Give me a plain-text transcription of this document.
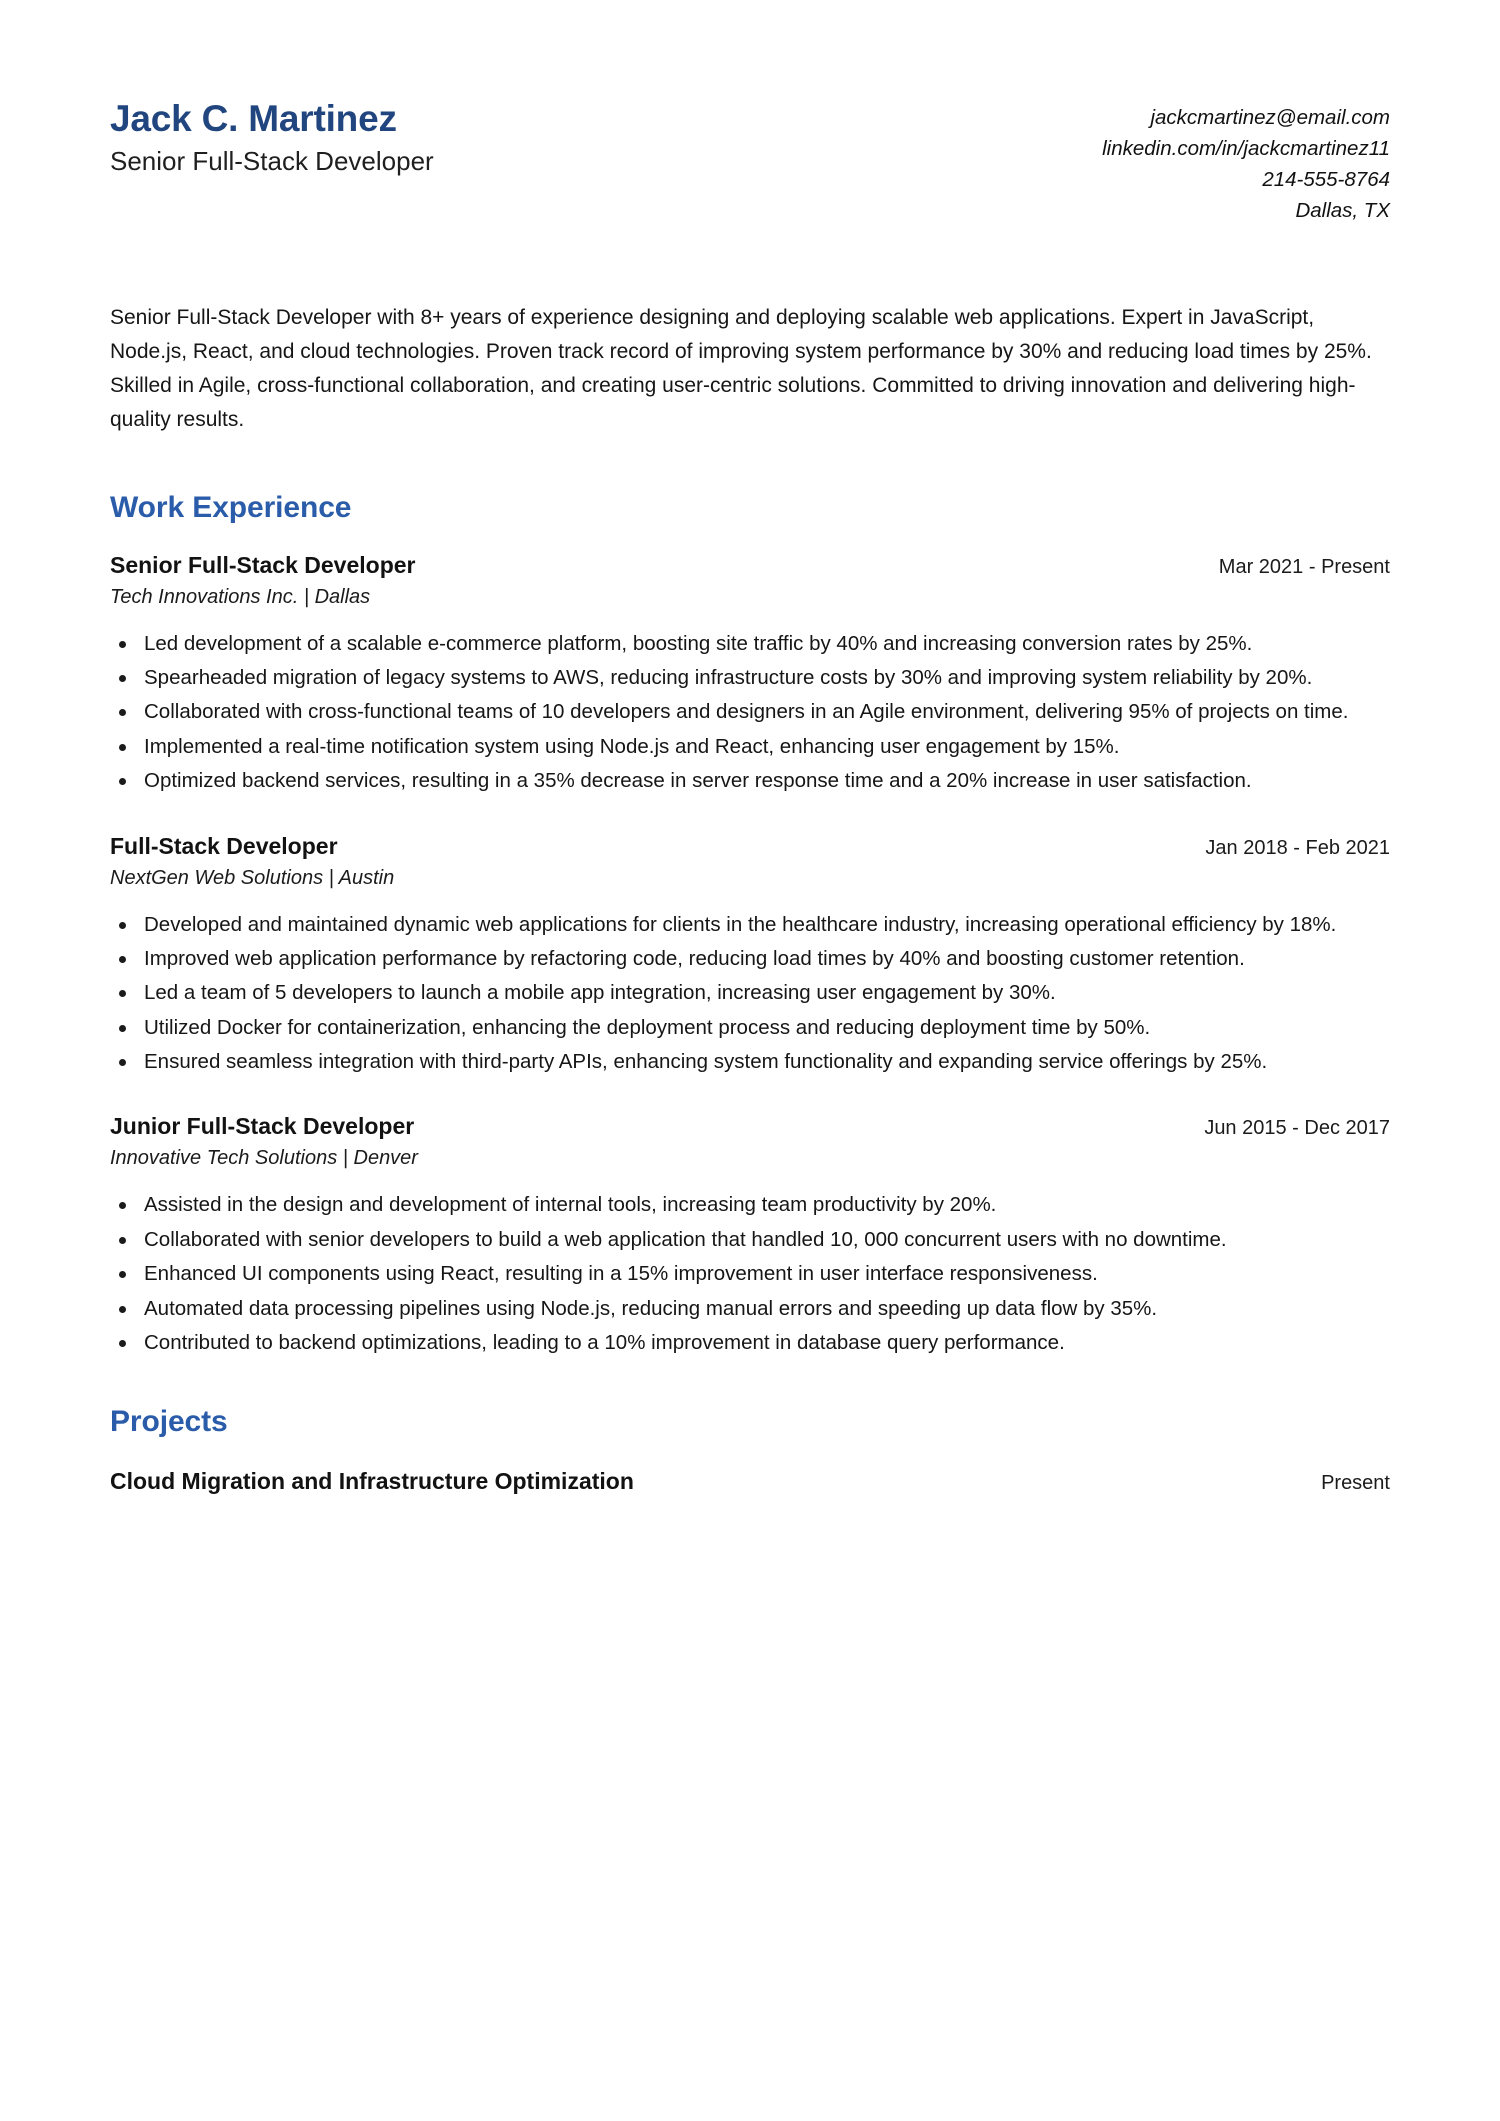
Jack C. Martinez
Senior Full-Stack Developer
jackcmartinez@email.com
linkedin.com/in/jackcmartinez11
214-555-8764
Dallas, TX

Senior Full-Stack Developer with 8+ years of experience designing and deploying scalable web applications. Expert in JavaScript, Node.js, React, and cloud technologies. Proven track record of improving system performance by 30% and reducing load times by 25%. Skilled in Agile, cross-functional collaboration, and creating user-centric solutions. Committed to driving innovation and delivering high-quality results.

Work Experience
Senior Full-Stack Developer	Mar 2021 - Present
Tech Innovations Inc. | Dallas
Led development of a scalable e-commerce platform, boosting site traffic by 40% and increasing conversion rates by 25%.
Spearheaded migration of legacy systems to AWS, reducing infrastructure costs by 30% and improving system reliability by 20%.
Collaborated with cross-functional teams of 10 developers and designers in an Agile environment, delivering 95% of projects on time.
Implemented a real-time notification system using Node.js and React, enhancing user engagement by 15%.
Optimized backend services, resulting in a 35% decrease in server response time and a 20% increase in user satisfaction.
Full-Stack Developer	Jan 2018 - Feb 2021
NextGen Web Solutions | Austin
Developed and maintained dynamic web applications for clients in the healthcare industry, increasing operational efficiency by 18%.
Improved web application performance by refactoring code, reducing load times by 40% and boosting customer retention.
Led a team of 5 developers to launch a mobile app integration, increasing user engagement by 30%.
Utilized Docker for containerization, enhancing the deployment process and reducing deployment time by 50%.
Ensured seamless integration with third-party APIs, enhancing system functionality and expanding service offerings by 25%.
Junior Full-Stack Developer	Jun 2015 - Dec 2017
Innovative Tech Solutions | Denver
Assisted in the design and development of internal tools, increasing team productivity by 20%.
Collaborated with senior developers to build a web application that handled 10, 000 concurrent users with no downtime.
Enhanced UI components using React, resulting in a 15% improvement in user interface responsiveness.
Automated data processing pipelines using Node.js, reducing manual errors and speeding up data flow by 35%.
Contributed to backend optimizations, leading to a 10% improvement in database query performance.
Projects
Cloud Migration and Infrastructure Optimization	Present
